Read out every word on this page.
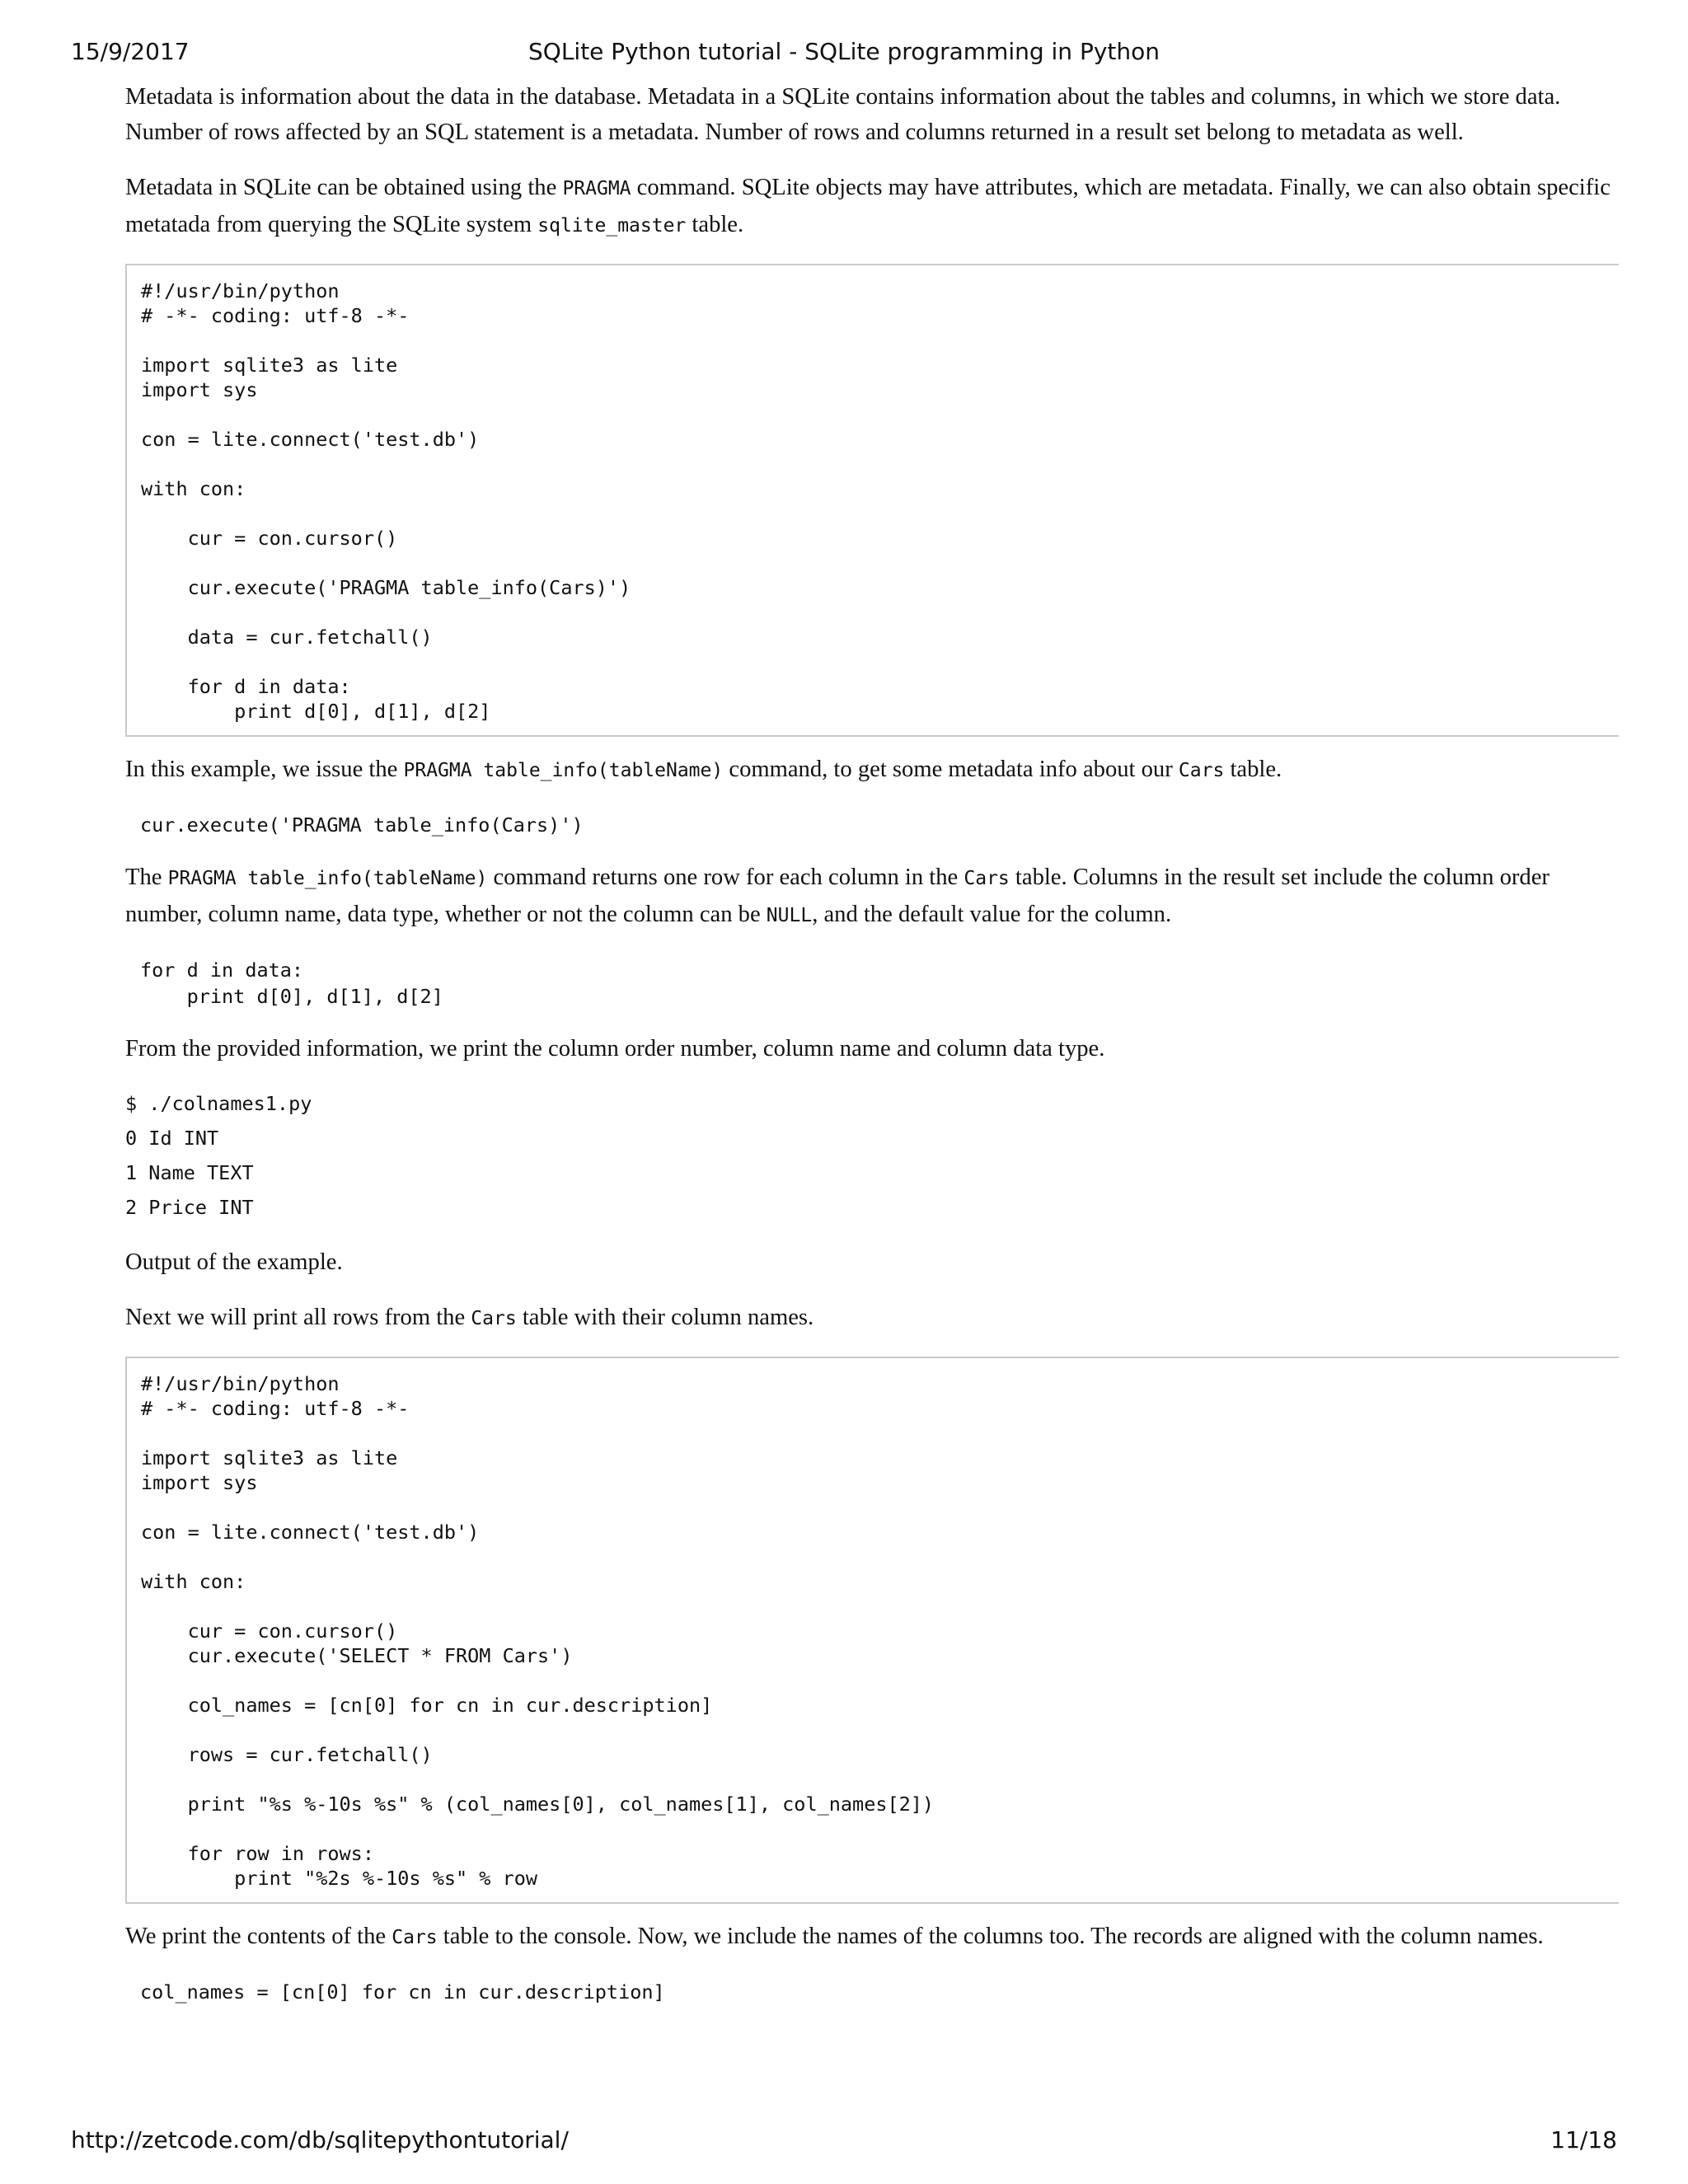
15/9/2017	SQLite Python tutorial - SQLite programming in Python

Metadata is information about the data in the database. Metadata in a SQLite contains information about the tables and columns, in which we store data. Number of rows affected by an SQL statement is a metadata. Number of rows and columns returned in a result set belong to metadata as well.

Metadata in SQLite can be obtained using the PRAGMA command. SQLite objects may have attributes, which are metadata. Finally, we can also obtain specific metatada from querying the SQLite system sqlite_master table.

#!/usr/bin/python
# -*- coding: utf-8 -*-

import sqlite3 as lite
import sys

con = lite.connect('test.db')

with con:

cur = con.cursor()

cur.execute('PRAGMA table_info(Cars)')

data = cur.fetchall()

for d in data:
print d[0], d[1], d[2]

In this example, we issue the PRAGMA table_info(tableName) command, to get some metadata info about our Cars table.

cur.execute('PRAGMA table_info(Cars)')

The PRAGMA table_info(tableName) command returns one row for each column in the Cars table. Columns in the result set include the column order number, column name, data type, whether or not the column can be NULL, and the default value for the column.

for d in data:
print d[0], d[1], d[2]

From the provided information, we print the column order number, column name and column data type.

$ ./colnames1.py
0 Id INT
1 Name TEXT
2 Price INT

Output of the example.

Next we will print all rows from the Cars table with their column names.

#!/usr/bin/python
# -*- coding: utf-8 -*-

import sqlite3 as lite
import sys

con = lite.connect('test.db')

with con:

cur = con.cursor()
cur.execute('SELECT * FROM Cars')

col_names = [cn[0] for cn in cur.description]

rows = cur.fetchall()

print "%s %-10s %s" % (col_names[0], col_names[1], col_names[2])

for row in rows:
print "%2s %-10s %s" % row

We print the contents of the Cars table to the console. Now, we include the names of the columns too. The records are aligned with the column names.

col_names = [cn[0] for cn in cur.description]
http://zetcode.com/db/sqlitepythontutorial/	11/18
